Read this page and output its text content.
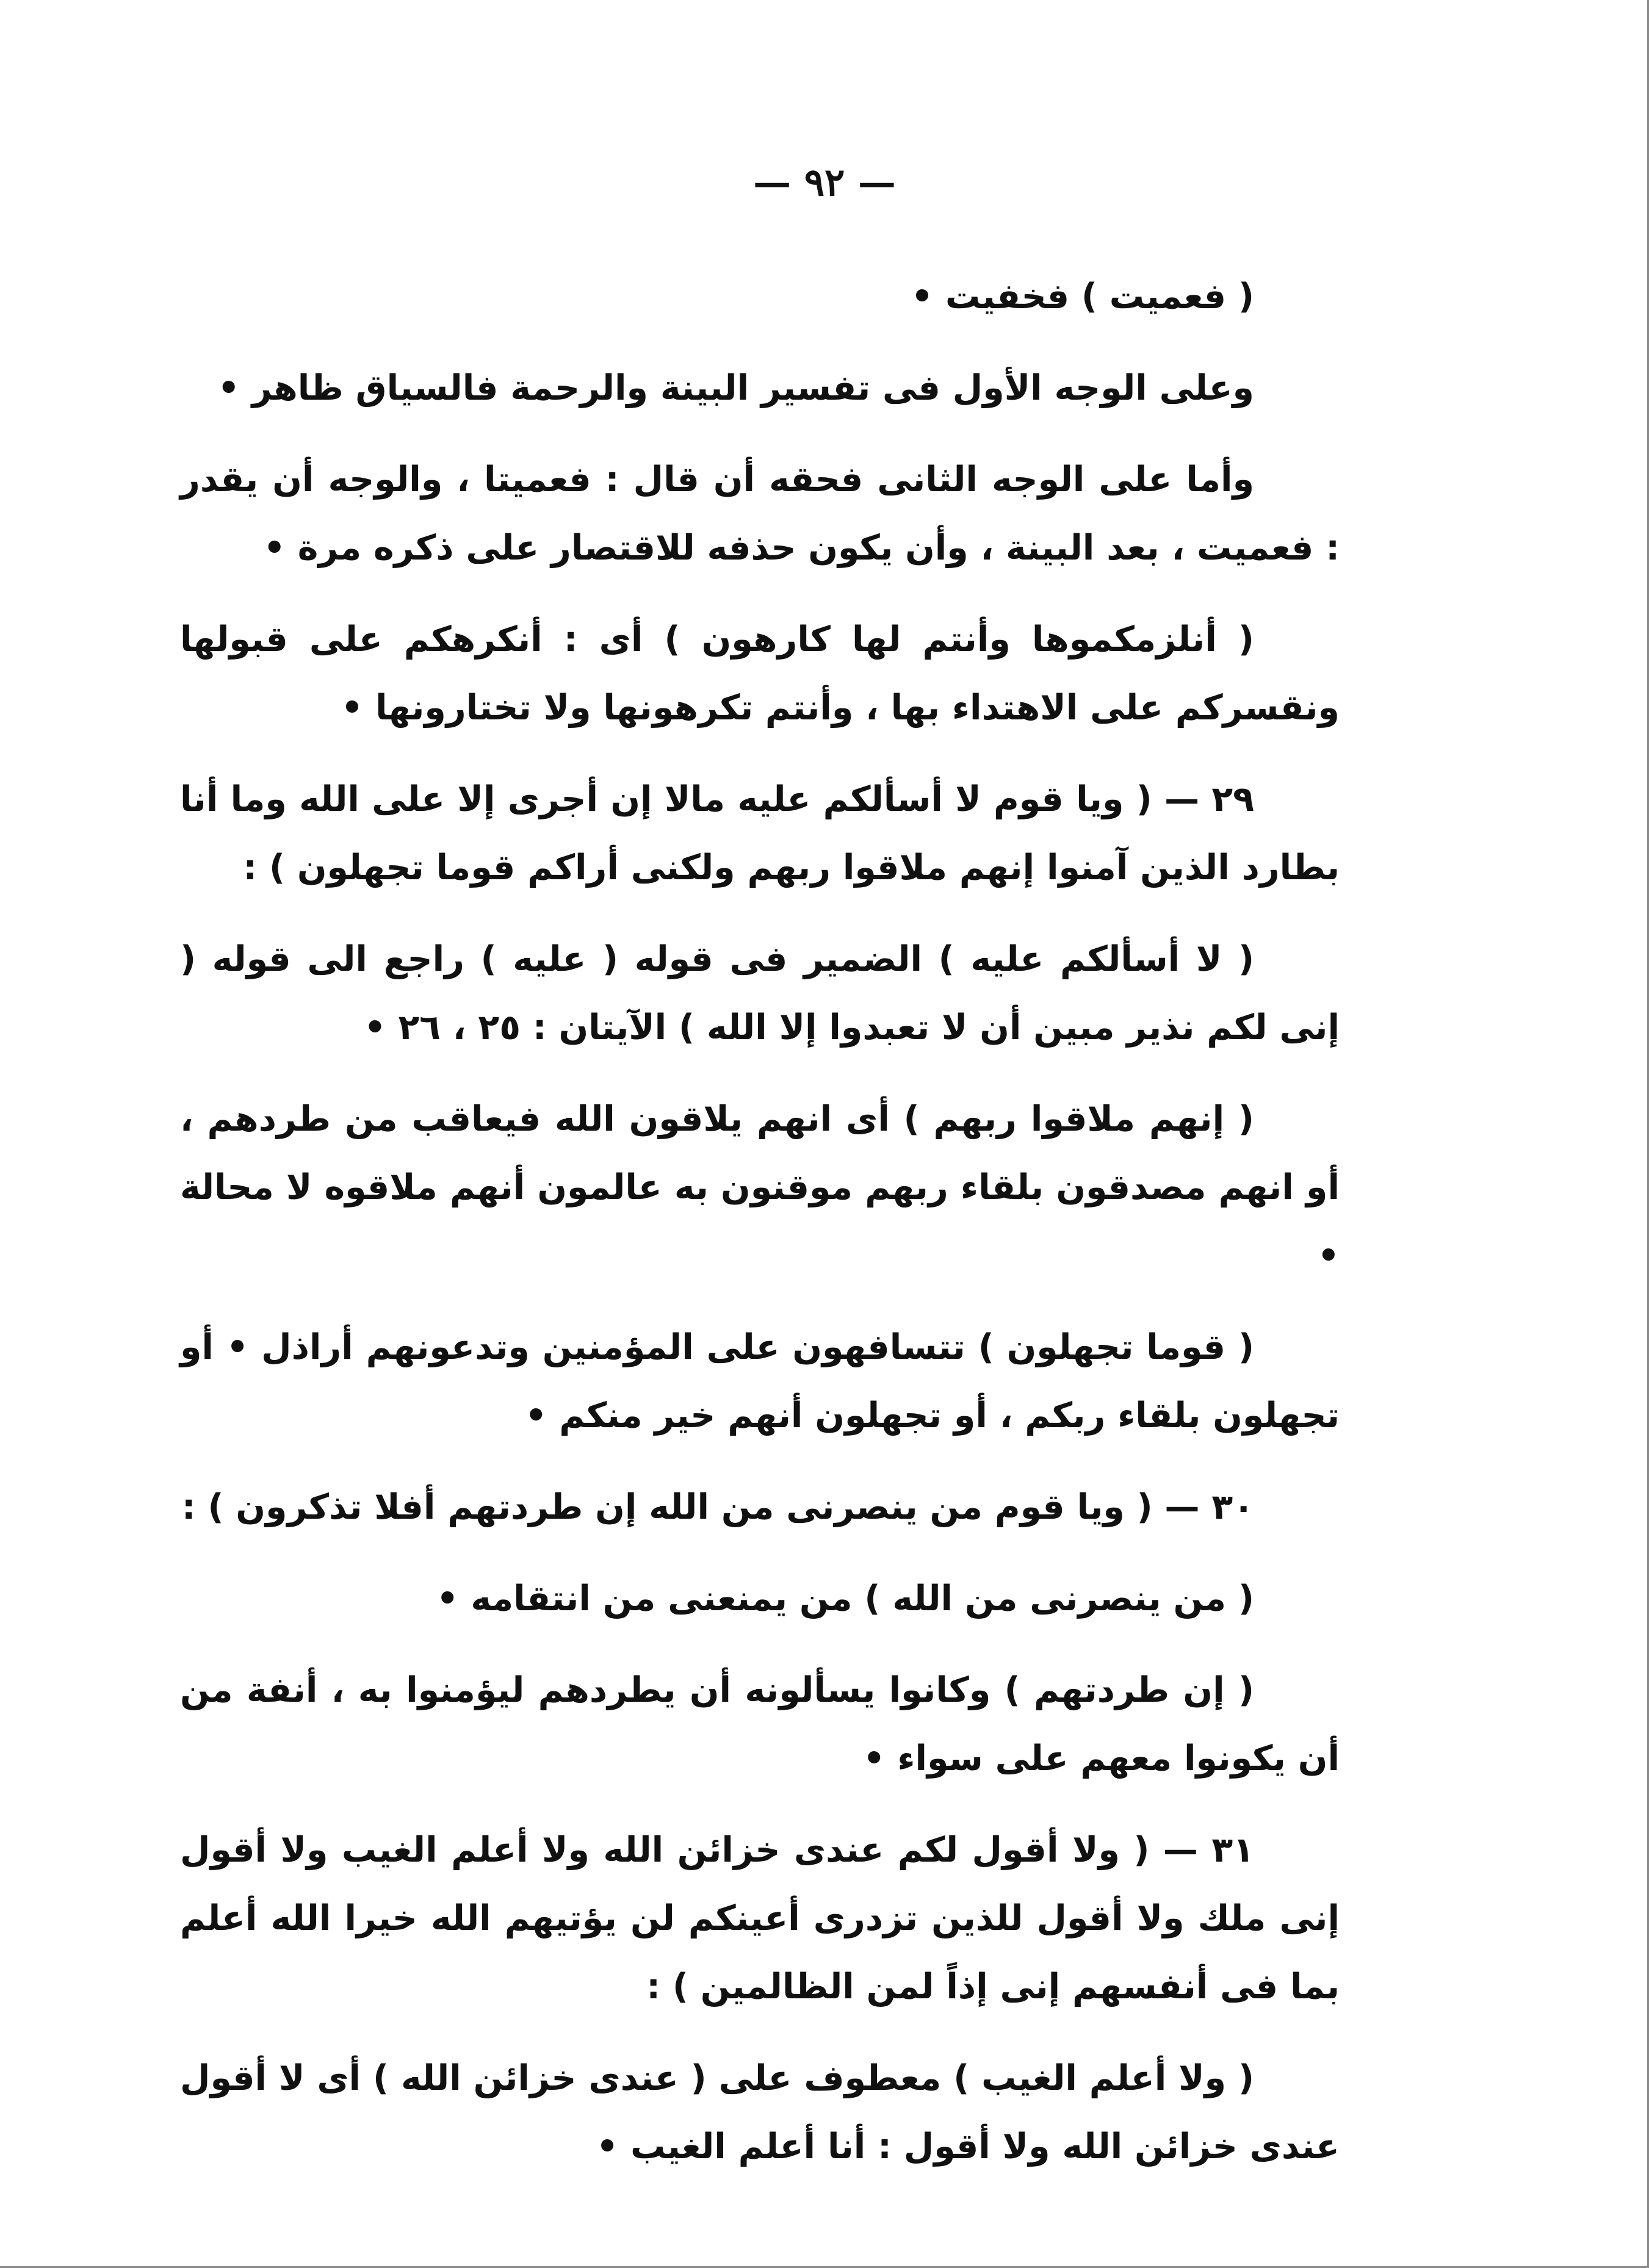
— ٩٢ —

( فعميت ) فخفيت •

وعلى الوجه الأول فى تفسير البينة والرحمة فالسياق ظاهر •

وأما على الوجه الثانى فحقه أن قال : فعميتا ، والوجه أن يقدر : فعميت ، بعد البينة ، وأن يكون حذفه للاقتصار على ذكره مرة •

( أنلزمكموها وأنتم لها كارهون ) أى : أنكرهكم على قبولها ونقسركم على الاهتداء بها ، وأنتم تكرهونها ولا تختارونها •

٢٩ — ( ويا قوم لا أسألكم عليه مالا إن أجرى إلا على الله وما أنا بطارد الذين آمنوا إنهم ملاقوا ربهم ولكنى أراكم قوما تجهلون ) :

( لا أسألكم عليه ) الضمير فى قوله ( عليه ) راجع الى قوله ( إنى لكم نذير مبين أن لا تعبدوا إلا الله ) الآيتان : ٢٥ ، ٢٦ •

( إنهم ملاقوا ربهم ) أى انهم يلاقون الله فيعاقب من طردهم ، أو انهم مصدقون بلقاء ربهم موقنون به عالمون أنهم ملاقوه لا محالة •

( قوما تجهلون ) تتسافهون على المؤمنين وتدعونهم أراذل • أو تجهلون بلقاء ربكم ، أو تجهلون أنهم خير منكم •

٣٠ — ( ويا قوم من ينصرنى من الله إن طردتهم أفلا تذكرون ) :

( من ينصرنى من الله ) من يمنعنى من انتقامه •

( إن طردتهم ) وكانوا يسألونه أن يطردهم ليؤمنوا به ، أنفة من أن يكونوا معهم على سواء •

٣١ — ( ولا أقول لكم عندى خزائن الله ولا أعلم الغيب ولا أقول إنى ملك ولا أقول للذين تزدرى أعينكم لن يؤتيهم الله خيرا الله أعلم بما فى أنفسهم إنى إذاً لمن الظالمين ) :

( ولا أعلم الغيب ) معطوف على ( عندى خزائن الله ) أى لا أقول عندى خزائن الله ولا أقول : أنا أعلم الغيب •
